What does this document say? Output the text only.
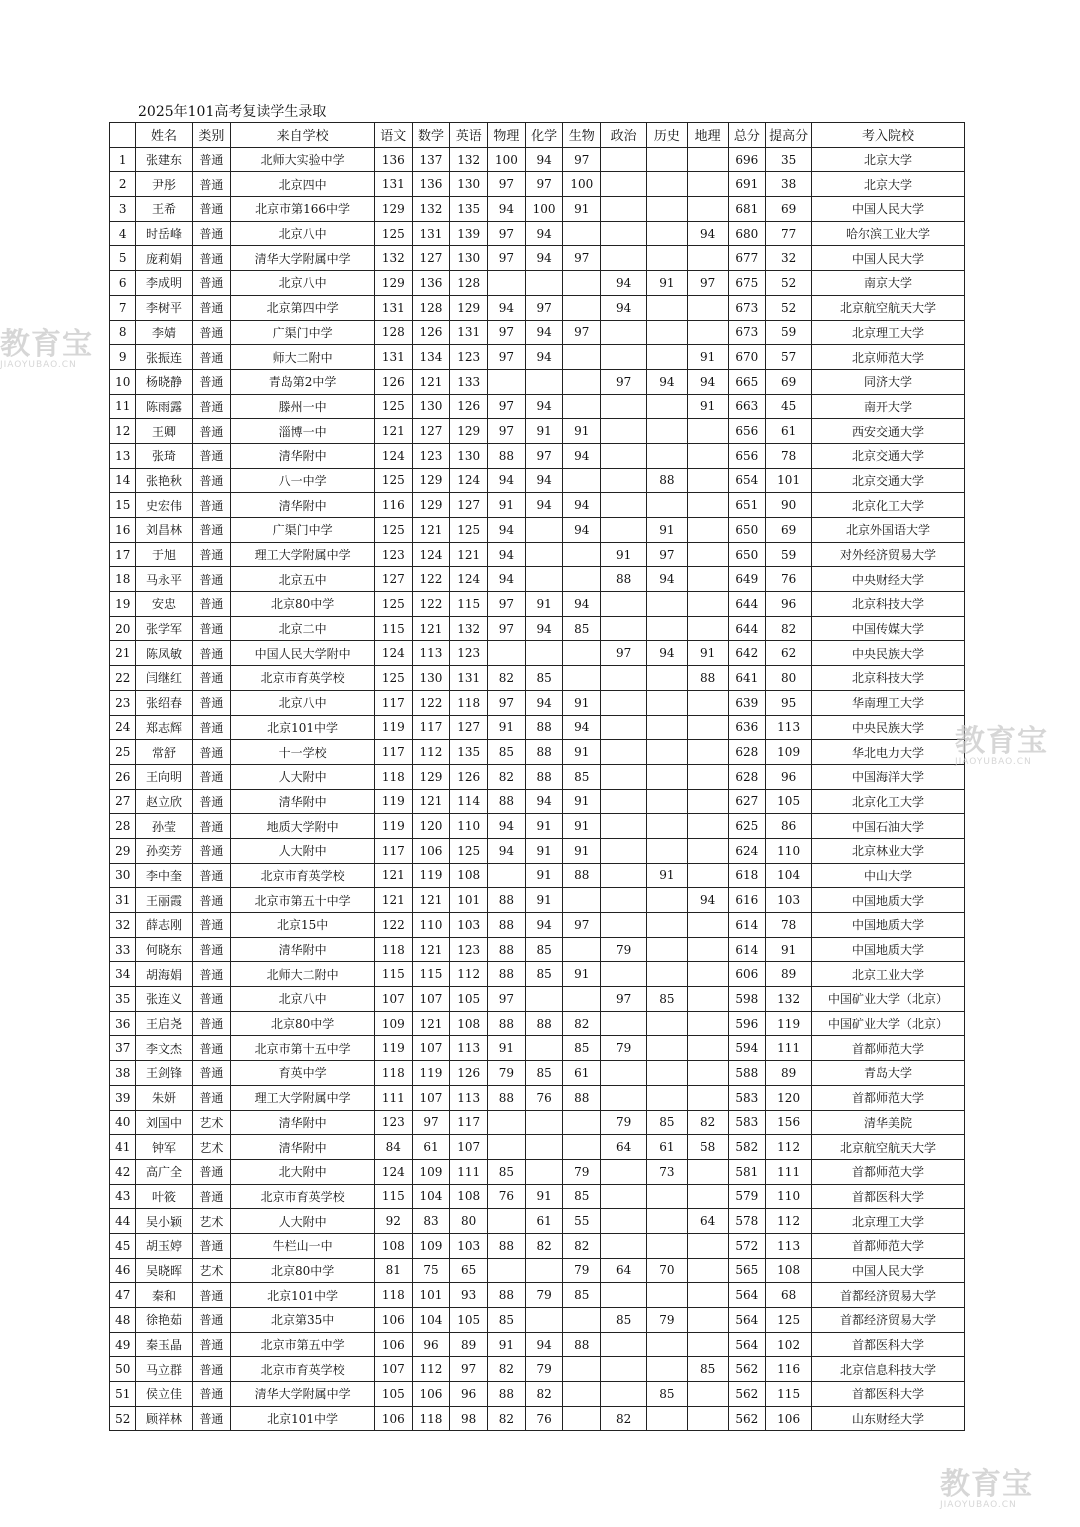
2025年101高考复读学生录取
	姓名	类别	来自学校	语文	数学	英语	物理	化学	生物	政治	历史	地理	总分	提高分	考入院校
1	张建东	普通	北师大实验中学	136	137	132	100	94	97				696	35	北京大学
2	尹彤	普通	北京四中	131	136	130	97	97	100				691	38	北京大学
3	王希	普通	北京市第166中学	129	132	135	94	100	91				681	69	中国人民大学
4	时岳峰	普通	北京八中	125	131	139	97	94				94	680	77	哈尔滨工业大学
5	庞莉娟	普通	清华大学附属中学	132	127	130	97	94	97				677	32	中国人民大学
6	李成明	普通	北京八中	129	136	128				94	91	97	675	52	南京大学
7	李树平	普通	北京第四中学	131	128	129	94	97		94			673	52	北京航空航天大学
8	李婧	普通	广渠门中学	128	126	131	97	94	97				673	59	北京理工大学
9	张振连	普通	师大二附中	131	134	123	97	94				91	670	57	北京师范大学
10	杨晓静	普通	青岛第2中学	126	121	133				97	94	94	665	69	同济大学
11	陈雨露	普通	滕州一中	125	130	126	97	94				91	663	45	南开大学
12	王卿	普通	淄博一中	121	127	129	97	91	91				656	61	西安交通大学
13	张琦	普通	清华附中	124	123	130	88	97	94				656	78	北京交通大学
14	张艳秋	普通	八一中学	125	129	124	94	94			88		654	101	北京交通大学
15	史宏伟	普通	清华附中	116	129	127	91	94	94				651	90	北京化工大学
16	刘昌林	普通	广渠门中学	125	121	125	94		94		91		650	69	北京外国语大学
17	于旭	普通	理工大学附属中学	123	124	121	94			91	97		650	59	对外经济贸易大学
18	马永平	普通	北京五中	127	122	124	94			88	94		649	76	中央财经大学
19	安忠	普通	北京80中学	125	122	115	97	91	94				644	96	北京科技大学
20	张学军	普通	北京二中	115	121	132	97	94	85				644	82	中国传媒大学
21	陈凤敏	普通	中国人民大学附中	124	113	123				97	94	91	642	62	中央民族大学
22	闫继红	普通	北京市育英学校	125	130	131	82	85				88	641	80	北京科技大学
23	张绍春	普通	北京八中	117	122	118	97	94	91				639	95	华南理工大学
24	郑志辉	普通	北京101中学	119	117	127	91	88	94				636	113	中央民族大学
25	常舒	普通	十一学校	117	112	135	85	88	91				628	109	华北电力大学
26	王向明	普通	人大附中	118	129	126	82	88	85				628	96	中国海洋大学
27	赵立欣	普通	清华附中	119	121	114	88	94	91				627	105	北京化工大学
28	孙莹	普通	地质大学附中	119	120	110	94	91	91				625	86	中国石油大学
29	孙奕芳	普通	人大附中	117	106	125	94	91	91				624	110	北京林业大学
30	李中奎	普通	北京市育英学校	121	119	108		91	88		91		618	104	中山大学
31	王丽霞	普通	北京市第五十中学	121	121	101	88	91				94	616	103	中国地质大学
32	薛志刚	普通	北京15中	122	110	103	88	94	97				614	78	中国地质大学
33	何晓东	普通	清华附中	118	121	123	88	85		79			614	91	中国地质大学
34	胡海娟	普通	北师大二附中	115	115	112	88	85	91				606	89	北京工业大学
35	张连义	普通	北京八中	107	107	105	97			97	85		598	132	中国矿业大学（北京）
36	王启尧	普通	北京80中学	109	121	108	88	88	82				596	119	中国矿业大学（北京）
37	李文杰	普通	北京市第十五中学	119	107	113	91		85	79			594	111	首都师范大学
38	王剑锋	普通	育英中学	118	119	126	79	85	61				588	89	青岛大学
39	朱妍	普通	理工大学附属中学	111	107	113	88	76	88				583	120	首都师范大学
40	刘国中	艺术	清华附中	123	97	117				79	85	82	583	156	清华美院
41	钟军	艺术	清华附中	84	61	107				64	61	58	582	112	北京航空航天大学
42	高广全	普通	北大附中	124	109	111	85		79		73		581	111	首都师范大学
43	叶筱	普通	北京市育英学校	115	104	108	76	91	85				579	110	首都医科大学
44	吴小颖	艺术	人大附中	92	83	80		61	55			64	578	112	北京理工大学
45	胡玉婷	普通	牛栏山一中	108	109	103	88	82	82				572	113	首都师范大学
46	吴晓晖	艺术	北京80中学	81	75	65			79	64	70		565	108	中国人民大学
47	秦和	普通	北京101中学	118	101	93	88	79	85				564	68	首都经济贸易大学
48	徐艳茹	普通	北京第35中	106	104	105	85			85	79		564	125	首都经济贸易大学
49	秦玉晶	普通	北京市第五中学	106	96	89	91	94	88				564	102	首都医科大学
50	马立群	普通	北京市育英学校	107	112	97	82	79				85	562	116	北京信息科技大学
51	侯立佳	普通	清华大学附属中学	105	106	96	88	82			85		562	115	首都医科大学
52	顾祥林	普通	北京101中学	106	118	98	82	76		82			562	106	山东财经大学
教育宝
JIAOYUBAO.CN
教育宝
JIAOYUBAO.CN
教育宝
JIAOYUBAO.CN
